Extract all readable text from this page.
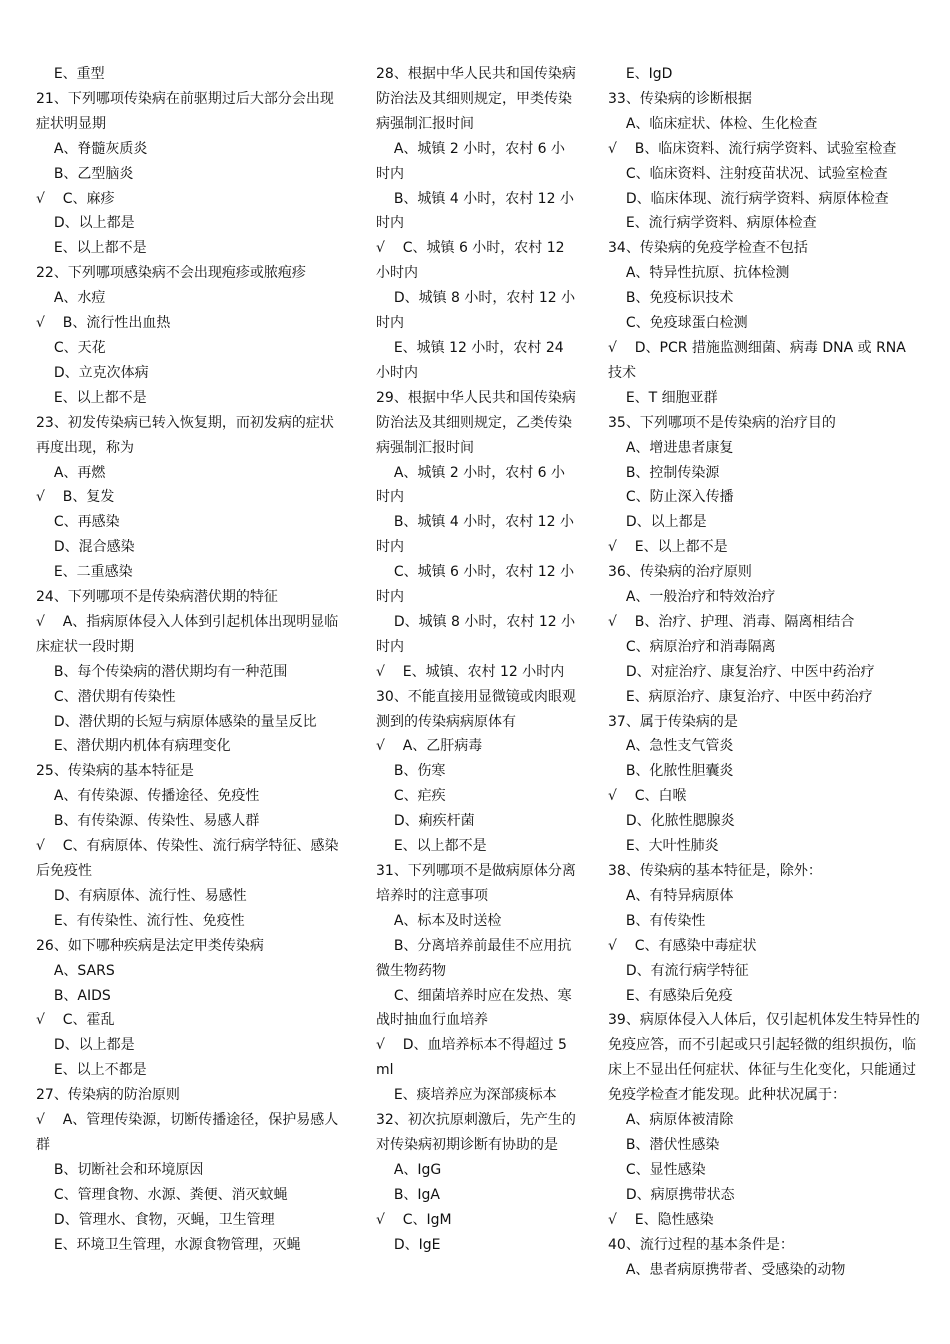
E、重型
21、下列哪项传染病在前驱期过后大部分会出现症状明显期
A、脊髓灰质炎
B、乙型脑炎
√    C、麻疹
D、以上都是
E、以上都不是
22、下列哪项感染病不会出现疱疹或脓疱疹
A、水痘
√    B、流行性出血热
C、天花
D、立克次体病
E、以上都不是
23、初发传染病已转入恢复期，而初发病的症状再度出现，称为
A、再燃
√    B、复发
C、再感染
D、混合感染
E、二重感染
24、下列哪项不是传染病潜伏期的特征
√    A、指病原体侵入人体到引起机体出现明显临床症状一段时期
B、每个传染病的潜伏期均有一种范围
C、潜伏期有传染性
D、潜伏期的长短与病原体感染的量呈反比
E、潜伏期内机体有病理变化
25、传染病的基本特征是
A、有传染源、传播途径、免疫性
B、有传染源、传染性、易感人群
√    C、有病原体、传染性、流行病学特征、感染后免疫性
D、有病原体、流行性、易感性
E、有传染性、流行性、免疫性
26、如下哪种疾病是法定甲类传染病
A、SARS
B、AIDS
√    C、霍乱
D、以上都是
E、以上不都是
27、传染病的防治原则
√    A、管理传染源，切断传播途径，保护易感人群
B、切断社会和环境原因
C、管理食物、水源、粪便、消灭蚊蝇
D、管理水、食物，灭蝇，卫生管理
E、环境卫生管理，水源食物管理，灭蝇
28、根据中华人民共和国传染病防治法及其细则规定，甲类传染病强制汇报时间
A、城镇 2 小时，农村 6 小时内
B、城镇 4 小时，农村 12 小时内
√    C、城镇 6 小时，农村 12 小时内
D、城镇 8 小时，农村 12 小时内
E、城镇 12 小时，农村 24 小时内
29、根据中华人民共和国传染病防治法及其细则规定，乙类传染病强制汇报时间
A、城镇 2 小时，农村 6 小时内
B、城镇 4 小时，农村 12 小时内
C、城镇 6 小时，农村 12 小时内
D、城镇 8 小时，农村 12 小时内
√    E、城镇、农村 12 小时内
30、不能直接用显微镜或肉眼观测到的传染病病原体有
√    A、乙肝病毒
B、伤寒
C、疟疾
D、痢疾杆菌
E、以上都不是
31、下列哪项不是做病原体分离培养时的注意事项
A、标本及时送检
B、分离培养前最佳不应用抗微生物药物
C、细菌培养时应在发热、寒战时抽血行血培养
√    D、血培养标本不得超过 5ml
E、痰培养应为深部痰标本
32、初次抗原刺激后，先产生的对传染病初期诊断有协助的是
A、IgG
B、IgA
√    C、IgM
D、IgE
E、IgD
33、传染病的诊断根据
A、临床症状、体检、生化检查
√    B、临床资料、流行病学资料、试验室检查
C、临床资料、注射疫苗状况、试验室检查
D、临床体现、流行病学资料、病原体检查
E、流行病学资料、病原体检查
34、传染病的免疫学检查不包括
A、特异性抗原、抗体检测
B、免疫标识技术
C、免疫球蛋白检测
√    D、PCR 措施监测细菌、病毒 DNA 或 RNA 技术
E、T 细胞亚群
35、下列哪项不是传染病的治疗目的
A、增进患者康复
B、控制传染源
C、防止深入传播
D、以上都是
√    E、以上都不是
36、传染病的治疗原则
A、一般治疗和特效治疗
√    B、治疗、护理、消毒、隔离相结合
C、病原治疗和消毒隔离
D、对症治疗、康复治疗、中医中药治疗
E、病原治疗、康复治疗、中医中药治疗
37、属于传染病的是
A、急性支气管炎
B、化脓性胆囊炎
√    C、白喉
D、化脓性腮腺炎
E、大叶性肺炎
38、传染病的基本特征是，除外：
A、有特异病原体
B、有传染性
√    C、有感染中毒症状
D、有流行病学特征
E、有感染后免疫
39、病原体侵入人体后，仅引起机体发生特异性的免疫应答，而不引起或只引起轻微的组织损伤，临床上不显出任何症状、体征与生化变化，只能通过免疫学检查才能发现。此种状况属于：
A、病原体被清除
B、潜伏性感染
C、显性感染
D、病原携带状态
√    E、隐性感染
40、流行过程的基本条件是：
A、患者病原携带者、受感染的动物
